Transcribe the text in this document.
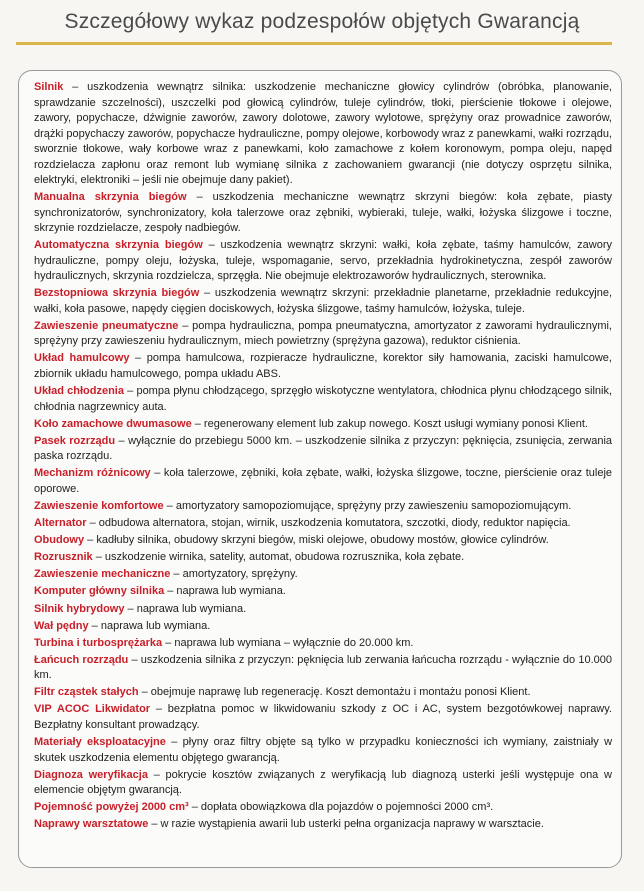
Szczegółowy wykaz podzespołów objętych Gwarancją

Silnik – uszkodzenia wewnątrz silnika: uszkodzenie mechaniczne głowicy cylindrów (obróbka, planowanie, sprawdzanie szczelności), uszczelki pod głowicą cylindrów, tuleje cylindrów, tłoki, pierścienie tłokowe i olejowe, zawory, popychacze, dźwignie zaworów, zawory dolotowe, zawory wylotowe, sprężyny oraz prowadnice zaworów, drążki popychaczy zaworów, popychacze hydrauliczne, pompy olejowe, korbowody wraz z panewkami, wałki rozrządu, sworznie tłokowe, wały korbowe wraz z panewkami, koło zamachowe z kołem koronowym, pompa oleju, napęd rozdzielacza zapłonu oraz remont lub wymianę silnika z zachowaniem gwarancji (nie dotyczy osprzętu silnika, elektryki, elektroniki – jeśli nie obejmuje dany pakiet).

Manualna skrzynia biegów – uszkodzenia mechaniczne wewnątrz skrzyni biegów: koła zębate, piasty synchronizatorów, synchronizatory, koła talerzowe oraz zębniki, wybieraki, tuleje, wałki, łożyska ślizgowe i toczne, skrzynie rozdzielacze, zespoły nadbiegów.

Automatyczna skrzynia biegów – uszkodzenia wewnątrz skrzyni: wałki, koła zębate, taśmy hamulców, zawory hydrauliczne, pompy oleju, łożyska, tuleje, wspomaganie, servo, przekładnia hydrokinetyczna, zespół zaworów hydraulicznych, skrzynia rozdzielcza, sprzęgła. Nie obejmuje elektrozaworów hydraulicznych, sterownika.

Bezstopniowa skrzynia biegów – uszkodzenia wewnątrz skrzyni: przekładnie planetarne, przekładnie redukcyjne, wałki, koła pasowe, napędy cięgien dociskowych, łożyska ślizgowe, taśmy hamulców, łożyska, tuleje.

Zawieszenie pneumatyczne – pompa hydrauliczna, pompa pneumatyczna, amortyzator z zaworami hydraulicznymi, sprężyny przy zawieszeniu hydraulicznym, miech powietrzny (sprężyna gazowa), reduktor ciśnienia.

Układ hamulcowy – pompa hamulcowa, rozpieracze hydrauliczne, korektor siły hamowania, zaciski hamulcowe, zbiornik układu hamulcowego, pompa układu ABS.

Układ chłodzenia – pompa płynu chłodzącego, sprzęgło wiskotyczne wentylatora, chłodnica płynu chłodzącego silnik, chłodnia nagrzewnicy auta.

Koło zamachowe dwumasowe – regenerowany element lub zakup nowego. Koszt usługi wymiany ponosi Klient.

Pasek rozrządu – wyłącznie do przebiegu 5000 km. – uszkodzenie silnika z przyczyn: pęknięcia, zsunięcia, zerwania paska rozrządu.

Mechanizm różnicowy – koła talerzowe, zębniki, koła zębate, wałki, łożyska ślizgowe, toczne, pierścienie oraz tuleje oporowe.

Zawieszenie komfortowe – amortyzatory samopoziomujące, sprężyny przy zawieszeniu samopoziomującym.

Alternator – odbudowa alternatora, stojan, wirnik, uszkodzenia komutatora, szczotki, diody, reduktor napięcia.

Obudowy – kadłuby silnika, obudowy skrzyni biegów, miski olejowe, obudowy mostów, głowice cylindrów.

Rozrusznik – uszkodzenie wirnika, satelity, automat, obudowa rozrusznika, koła zębate.

Zawieszenie mechaniczne – amortyzatory, sprężyny.

Komputer główny silnika – naprawa lub wymiana.

Silnik hybrydowy – naprawa lub wymiana.

Wał pędny – naprawa lub wymiana.

Turbina i turbosprężarka – naprawa lub wymiana – wyłącznie do 20.000 km.

Łańcuch rozrządu – uszkodzenia silnika z przyczyn: pęknięcia lub zerwania łańcucha rozrządu - wyłącznie do 10.000 km.

Filtr cząstek stałych – obejmuje naprawę lub regenerację. Koszt demontażu i montażu ponosi Klient.

VIP ACOC Likwidator – bezpłatna pomoc w likwidowaniu szkody z OC i AC, system bezgotówkowej naprawy. Bezpłatny konsultant prowadzący.

Materiały eksploatacyjne – płyny oraz filtry objęte są tylko w przypadku konieczności ich wymiany, zaistniały w skutek uszkodzenia elementu objętego gwarancją.

Diagnoza weryfikacja – pokrycie kosztów związanych z weryfikacją lub diagnozą usterki jeśli występuje ona w elemencie objętym gwarancją.

Pojemność powyżej 2000 cm³ – dopłata obowiązkowa dla pojazdów o pojemności 2000 cm³.

Naprawy warsztatowe – w razie wystąpienia awarii lub usterki pełna organizacja naprawy w warsztacie.
